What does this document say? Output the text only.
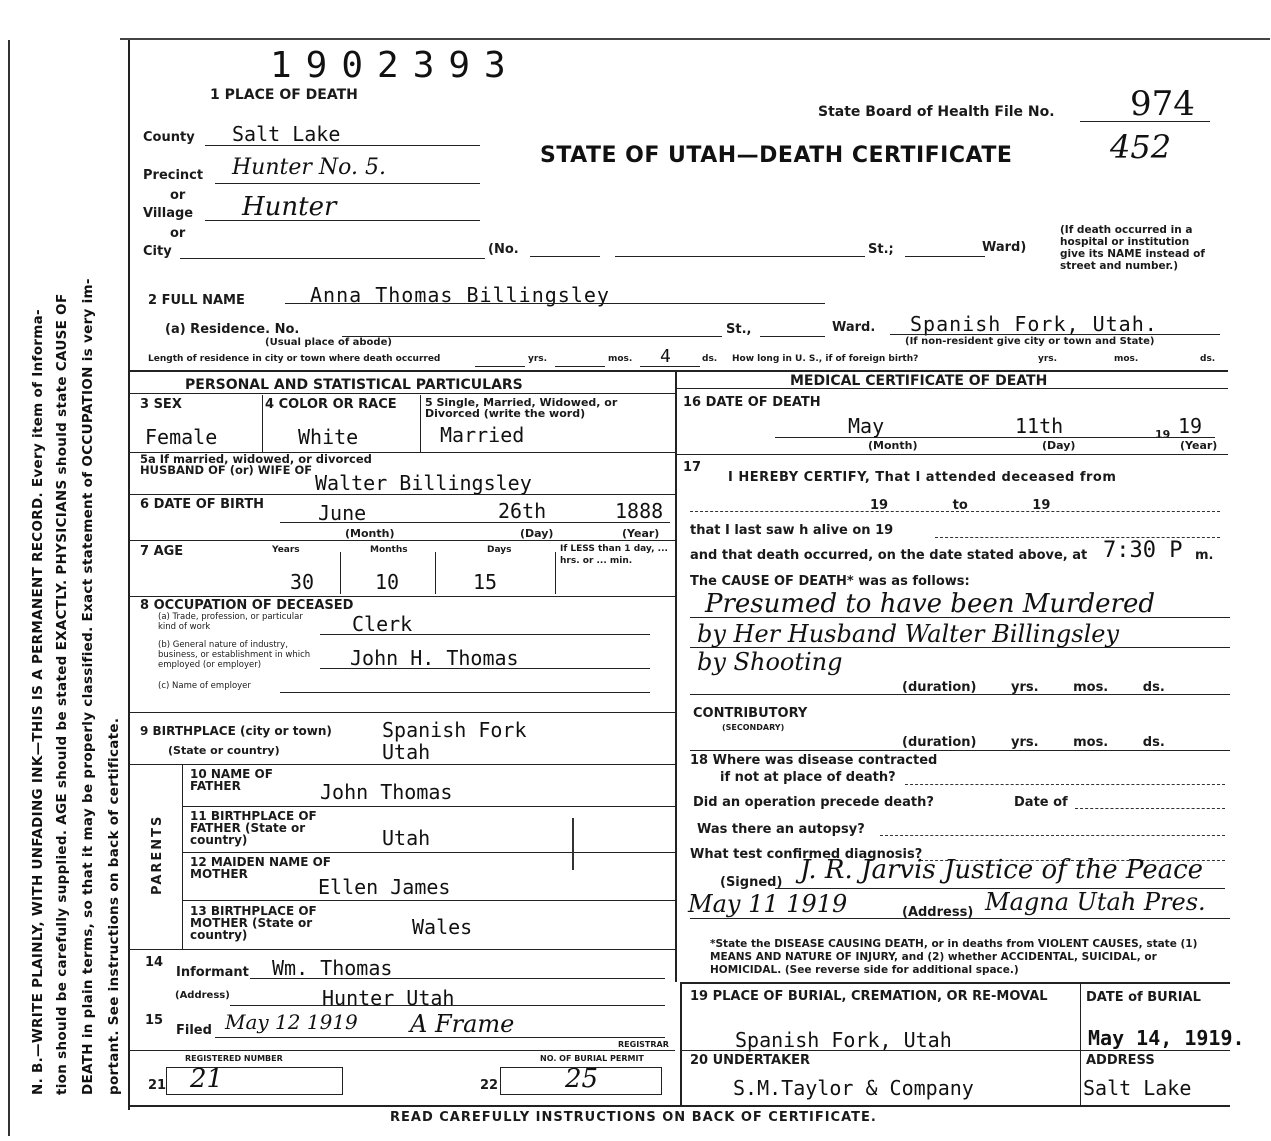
N. B.—WRITE PLAINLY, WITH UNFADING INK—THIS IS A PERMANENT RECORD. Every item of Informa- tion should be carefully supplied. AGE should be stated EXACTLY. PHYSICIANS should state CAUSE OF DEATH in plain terms, so that it may be properly classified. Exact statement of OCCUPATION is very im- portant. See instructions on back of certificate.
1902393
1 PLACE OF DEATH
State Board of Health File No. 974
452
STATE OF UTAH—DEATH CERTIFICATE
County Salt Lake
Precinct Hunter No. 5.
or
Village Hunter
or
City	(No.	St.;	Ward)
(If death occurred in a hospital or institution give its NAME instead of street and number.)
2 FULL NAME	Anna Thomas Billingsley
(a) Residence. No.
(Usual place of abode)
St.,	Ward. Spanish Fork, Utah.
(If non-resident give city or town and State)
Length of residence in city or town where death occurred	yrs.	mos. 4	ds. How long in U. S., if of foreign birth?	yrs.	mos.	ds.
PERSONAL AND STATISTICAL PARTICULARS
3 SEX	4 COLOR OR RACE	5 Single, Married, Widowed, or Divorced (write the word)
Female	White	Married
5a If married, widowed, or divorced HUSBAND OF (or) WIFE OF
Walter Billingsley
6 DATE OF BIRTH	June	26th	1888
(Month)	(Day)	(Year)
7 AGE	Years	Months	Days	If LESS than 1 day, ... hrs. or ... min.
30	10	15
8 OCCUPATION OF DECEASED
(a) Trade, profession, or particular kind of work	Clerk
(b) General nature of industry, business, or establishment in which employed (or employer)	John H. Thomas
(c) Name of employer
9 BIRTHPLACE (city or town)	Spanish Fork
(State or country)	Utah
PARENTS
10 NAME OF FATHER	John Thomas
11 BIRTHPLACE OF FATHER (State or country)	Utah
12 MAIDEN NAME OF MOTHER
Ellen James
13 BIRTHPLACE OF MOTHER (State or country)	Wales
14
Informant Wm. Thomas
(Address)	Hunter Utah
15
Filed May 12 1919 A Frame
REGISTRAR
REGISTERED NUMBER	NO. OF BURIAL PERMIT
21 21	22	25
MEDICAL CERTIFICATE OF DEATH
16 DATE OF DEATH
May	11th	19 19
(Month)	(Day)	(Year)
17
I HEREBY CERTIFY, That I attended deceased from
19 to 19
that I last saw h alive on 19
and that death occurred, on the date stated above, at 7:30 P m.
The CAUSE OF DEATH* was as follows:
Presumed to have been Murdered
by Her Husband Walter Billingsley
by Shooting
(duration) yrs. mos. ds.
CONTRIBUTORY
(SECONDARY)
(duration) yrs. mos. ds.
18 Where was disease contracted
if not at place of death?
Did an operation precede death?	Date of
Was there an autopsy?
What test confirmed diagnosis?
(Signed) J. R. Jarvis Justice of the Peace
May 11 1919	(Address) Magna Utah Pres.
*State the DISEASE CAUSING DEATH, or in deaths from VIOLENT CAUSES, state (1) MEANS AND NATURE OF INJURY, and (2) whether ACCIDENTAL, SUICIDAL, or HOMICIDAL. (See reverse side for additional space.)
19 PLACE OF BURIAL, CREMATION, OR RE-MOVAL	DATE of BURIAL
Spanish Fork, Utah	May 14, 1919.
20 UNDERTAKER	ADDRESS
S.M.Taylor & Company	Salt Lake
READ CAREFULLY INSTRUCTIONS ON BACK OF CERTIFICATE.
